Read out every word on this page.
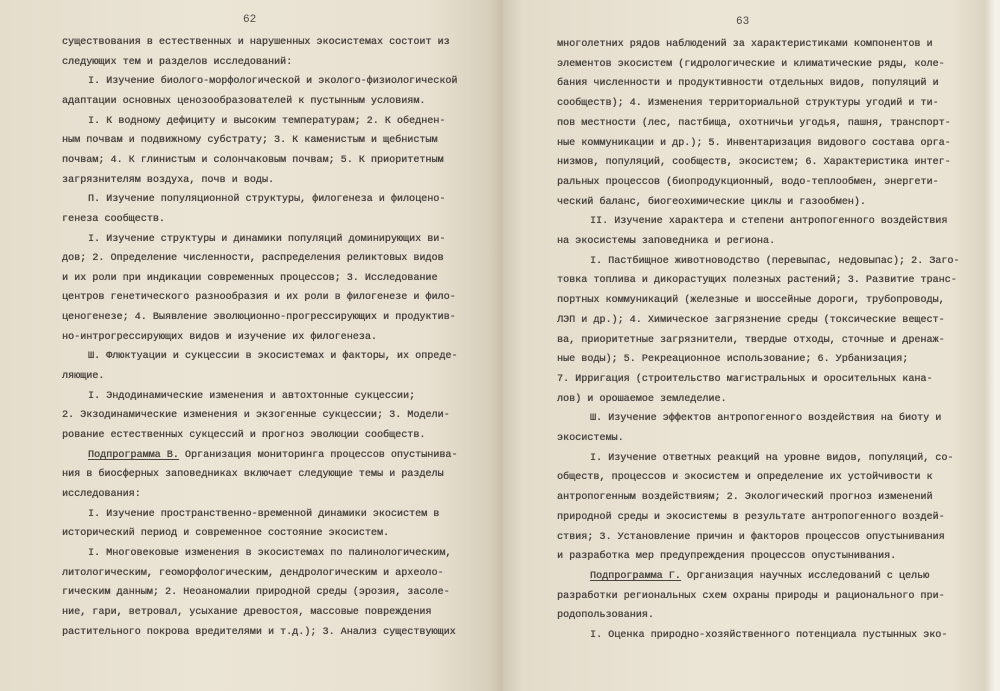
62
существования в естественных и нарушенных экосистемах состоит из
следующих тем и разделов исследований:
I. Изучение биолого-морфологической и эколого-физиологической
адаптации основных ценозообразователей к пустынным условиям.
I. К водному дефициту и высоким температурам; 2. К обеднен-
ным почвам и подвижному субстрату; 3. К каменистым и щебнистым
почвам; 4. К глинистым и солончаковым почвам; 5. К приоритетным
загрязнителям воздуха, почв и воды.
П. Изучение популяционной структуры, филогенеза и филоцено-
генеза сообществ.
I. Изучение структуры и динамики популяций доминирующих ви-
дов; 2. Определение численности, распределения реликтовых видов
и их роли при индикации современных процессов; 3. Исследование
центров генетического разнообразия и их роли в филогенезе и фило-
ценогенезе; 4. Выявление эволюционно-прогрессирующих и продуктив-
но-интрогрессирующих видов и изучение их филогенеза.
Ш. Флюктуации и сукцессии в экосистемах и факторы, их опреде-
ляющие.
I. Эндодинамические изменения и автохтонные сукцессии;
2. Экзодинамические изменения и экзогенные сукцессии; 3. Модели-
рование естественных сукцессий и прогноз эволюции сообществ.
Подпрограмма В. Организация мониторинга процессов опустынива-
ния в биосферных заповедниках включает следующие темы и разделы
исследования:
I. Изучение пространственно-временной динамики экосистем в
исторический период и современное состояние экосистем.
I. Многовековые изменения в экосистемах по палинологическим,
литологическим, геоморфологическим, дендрологическим и археоло-
гическим данным; 2. Неоаномалии природной среды (эрозия, засоле-
ние, гари, ветровал, усыхание древостоя, массовые повреждения
растительного покрова вредителями и т.д.); 3. Анализ существующих
63
многолетних рядов наблюдений за характеристиками компонентов и
элементов экосистем (гидрологические и климатические ряды, коле-
бания численности и продуктивности отдельных видов, популяций и
сообществ); 4. Изменения территориальной структуры угодий и ти-
пов местности (лес, пастбища, охотничьи угодья, пашня, транспорт-
ные коммуникации и др.); 5. Инвентаризация видового состава орга-
низмов, популяций, сообществ, экосистем; 6. Характеристика интег-
ральных процессов (биопродукционный, водо-теплообмен, энергети-
ческий баланс, биогеохимические циклы и газообмен).
II. Изучение характера и степени антропогенного воздействия
на экосистемы заповедника и региона.
I. Пастбищное животноводство (перевыпас, недовыпас); 2. Заго-
товка топлива и дикорастущих полезных растений; 3. Развитие транс-
портных коммуникаций (железные и шоссейные дороги, трубопроводы,
ЛЭП и др.); 4. Химическое загрязнение среды (токсические вещест-
ва, приоритетные загрязнители, твердые отходы, сточные и дренаж-
ные воды); 5. Рекреационное использование; 6. Урбанизация;
7. Ирригация (строительство магистральных и оросительных кана-
лов) и орошаемое земледелие.
Ш. Изучение эффектов антропогенного воздействия на биоту и
экосистемы.
I. Изучение ответных реакций на уровне видов, популяций, со-
обществ, процессов и экосистем и определение их устойчивости к
антропогенным воздействиям; 2. Экологический прогноз изменений
природной среды и экосистемы в результате антропогенного воздей-
ствия; 3. Установление причин и факторов процессов опустынивания
и разработка мер предупреждения процессов опустынивания.
Подпрограмма Г. Организация научных исследований с целью
разработки региональных схем охраны природы и рационального при-
родопользования.
I. Оценка природно-хозяйственного потенциала пустынных эко-
